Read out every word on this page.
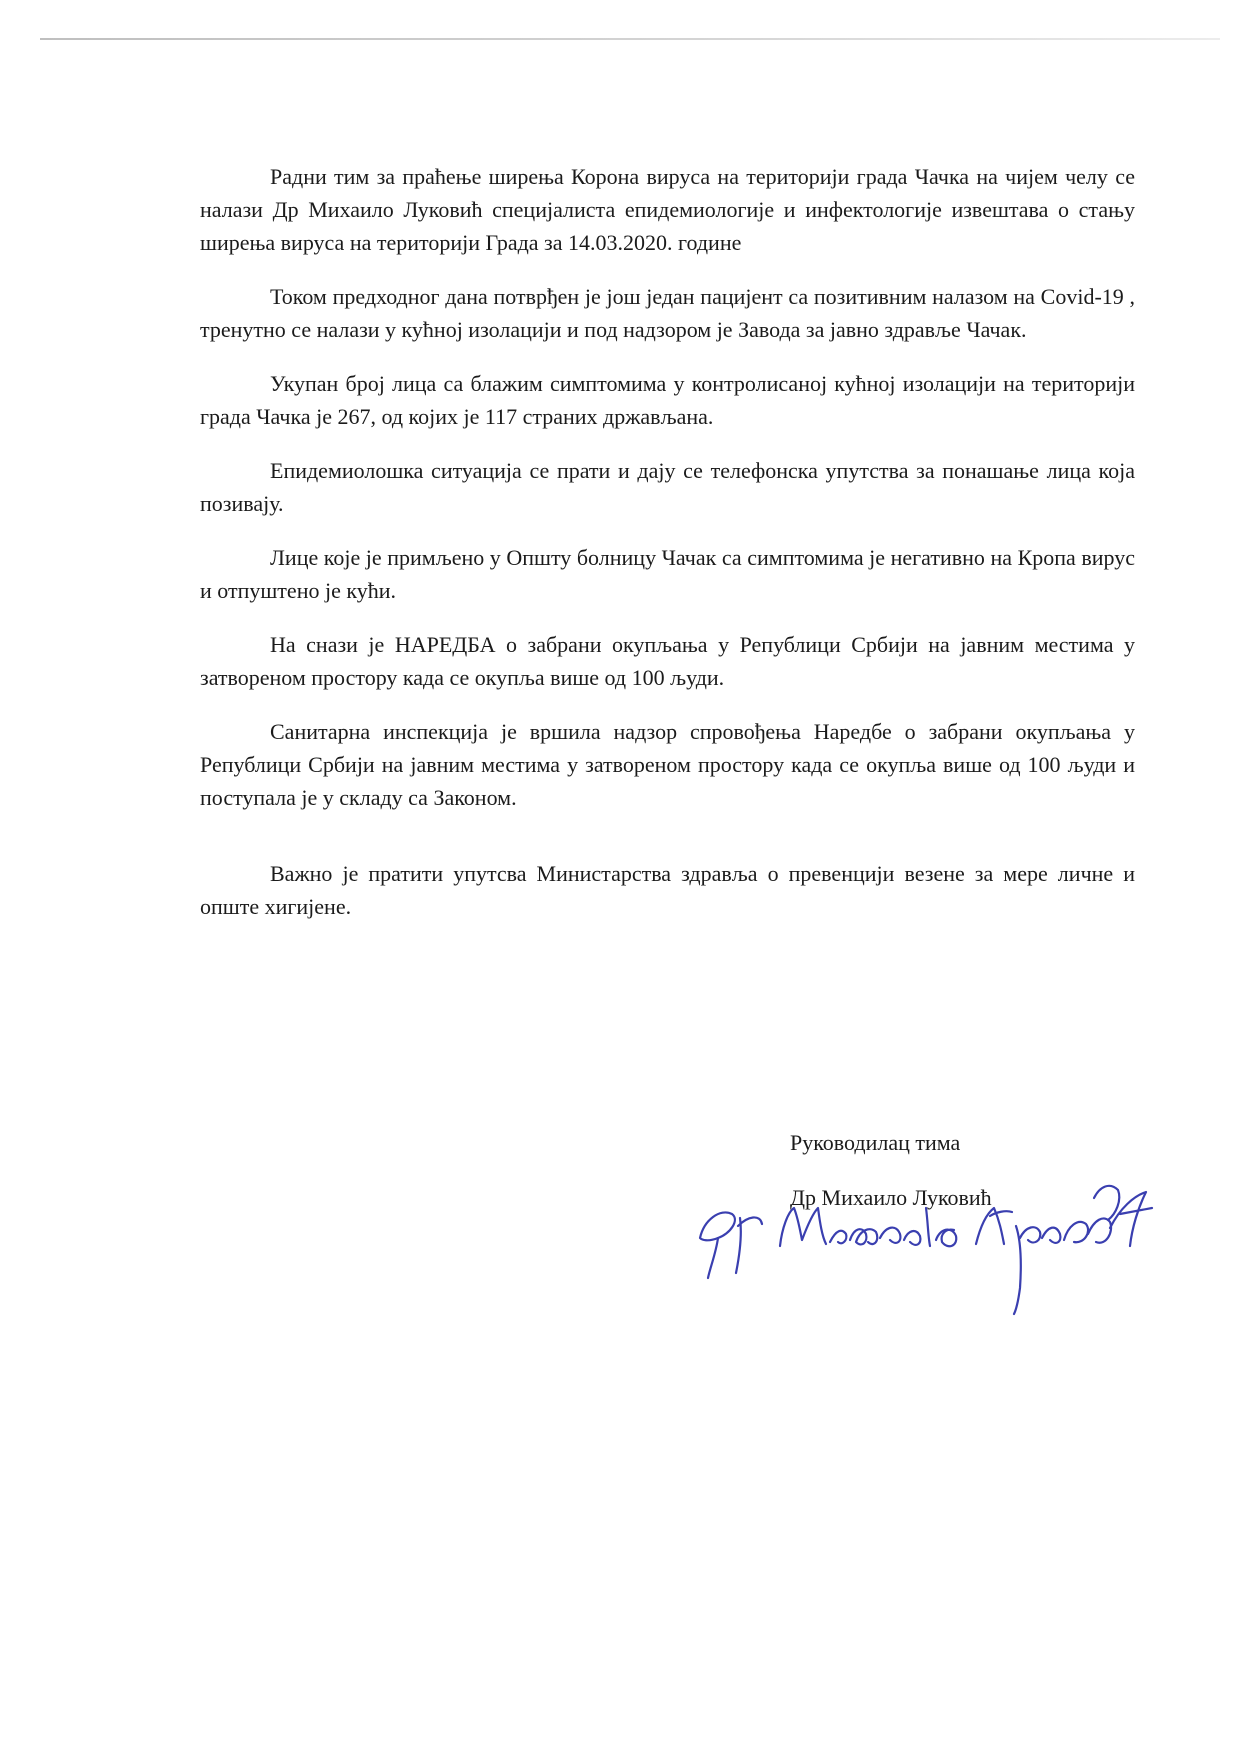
Радни тим за праћење ширења Корона вируса на територији града Чачка на чијем челу се налази Др Михаило Луковић специјалиста епидемиологије и инфектологије извештава о стању ширења вируса на територији Града за 14.03.2020. године

Током предходног дана потврђен је још један пацијент са позитивним налазом на Covid-19 , тренутно се налази у кућној изолацији и под надзором је Завода за јавно здравље Чачак.

Укупан број лица са блажим симптомима у контролисаној кућној изолацији на територији града Чачка је 267, од којих је 117 страних држављана.

Епидемиолошка ситуација се прати и дају се телефонска упутства за понашање лица која позивају.

Лице које је примљено у Општу болницу Чачак са симптомима је негативно на Кропа вирус и отпуштено је кући.

На снази је НАРЕДБА о забрани окупљања у Републици Србији на јавним местима у затвореном простору када се окупља више од 100 људи.

Санитарна инспекција је вршила надзор спровођења Наредбе о забрани окупљања у Републици Србији на јавним местима у затвореном простору када се окупља више од 100 људи и поступала је у складу са Законом.

Важно је пратити упутсва Министарства здравља о превенцији везене за мере личне и опште хигијене.

Руководилац тима
Др Михаило Луковић
